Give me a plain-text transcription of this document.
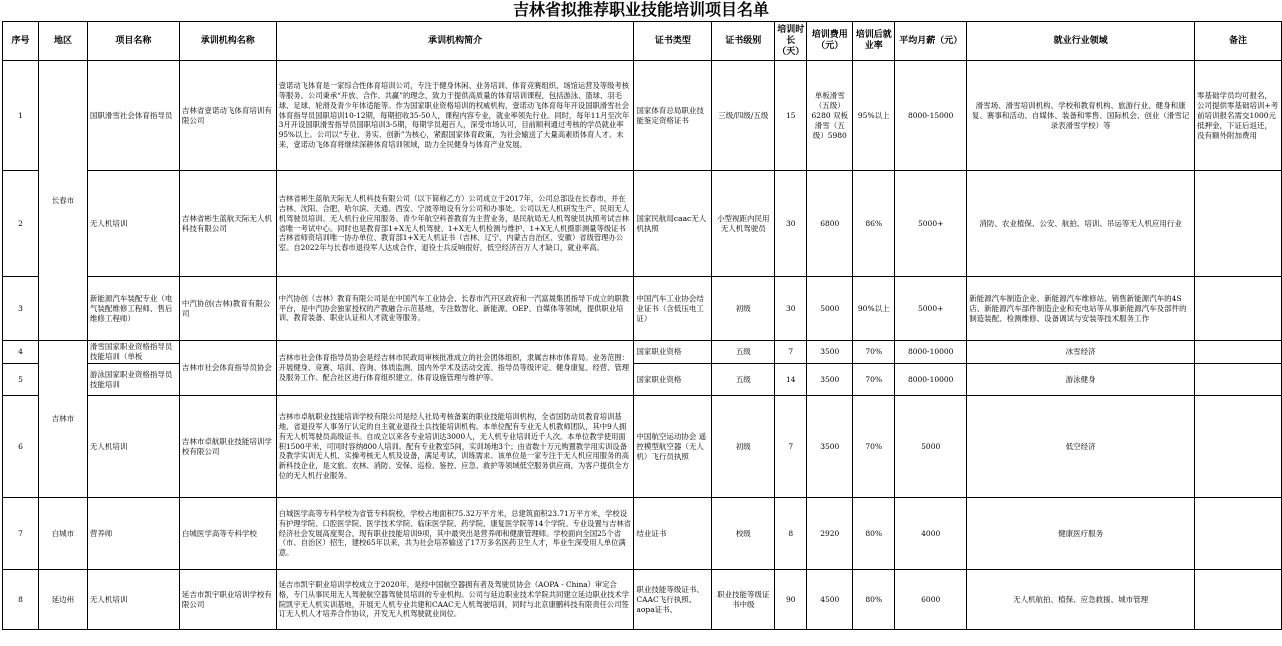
吉林省拟推荐职业技能培训项目名单
序号	地区	项目名称	承训机构名称	承训机构简介	证书类型	证书级别	培训时长（天）	培训费用（元）	培训后就业率	平均月薪（元）	就业行业领域	备注
1	长春市	国职滑雪社会体育指导员	吉林省壹诺动飞体育培训有限公司	壹诺动飞体育是一家综合性体育培训公司，专注于健身休闲、业务培训、体育竞赛组织、场馆运营及等级考核等服务。公司秉承“开放、合作、共赢”的理念，致力于提供高质量的体育培训课程，包括游泳、篮球、羽毛球、足球、轮滑及青少年体适能等。作为国家职业资格培训的权威机构，壹诺动飞体育每年开设国职滑雪社会体育指导员国职培训10-12期，每期招收35-50人，课程内容专业，就业率领先行业。同时，每年11月至次年3月开设国职滑雪指导员国职培训3-5期，每期学员超百人，深受市场认可，目前顺利通过考核的学员就业率95%以上。公司以“专业、务实、创新”为核心，紧跟国家体育政策，为社会输送了大量高素质体育人才。未来，壹诺动飞体育将继续深耕体育培训领域，助力全民健身与体育产业发展。	国家体育总局职业技能鉴定资格证书	三级/四级/五级	15	单板滑雪（五级）6280 双板滑雪（五级）5980	95%以上	8000-15000	滑雪场、滑雪培训机构、学校和教育机构、旅游行业、健身和康复、赛事和活动、自媒体、装备和零售、国际机会、创业（滑雪记录表滑雪学校）等	零基础学员均可报名，公司提供零基础培训+考前培训报名需交1000元抵押金，下证后返还，没有额外附加费用
2		无人机培训	吉林省彬生蓝航天际无人机科技有限公司	吉林省彬生蓝航天际无人机科技有限公司（以下简称乙方）公司成立于2017年，公司总部设在长春市，并在吉林、沈阳、合肥、哈尔滨、天通、西安、宁波等地设有分公司和办事处。公司以无人机研发生产、民用无人机驾驶员培训、无人机行业应用服务、青少年航空科普教育为主营业务，是民航局无人机驾驶员执照考试吉林省唯一考试中心。同时也是教育部1+X无人机驾驶、1+X无人机检测与维护、1+X无人机摄影测量等级证书吉林省师资培训唯一协办单位、教育部1+X无人机证书（吉林、辽宁、内蒙古自治区、安徽）省级管理办公室。自2022年与长春市退役军人达成合作，退役士兵反响很好，低空经济百万人才缺口，就业率高。	国家民航局caac无人机执照	小型视距内民用无人机驾驶员	30	6800	86%	5000+	消防、农业植保、公安、航拍、培训、吊运等无人机应用行业	
3		新能源汽车装配专业（电气装配维修工程师、售后维修工程师）	中汽协创(吉林)教育有限公司	中汽协创（吉林）教育有限公司是在中国汽车工业协会、长春市汽开区政府和一汽富晟集团指导下成立的职教平台，是中汽协会独家授权的产教融合示范基地，专注数智化、新能源、OEP、自媒体等领域，提供职业培训、教育装备、职业认证和人才就业等服务。	中国汽车工业协会结业证书（含低压电工证）	初级	30	5000	90%以上	5000+	新能源汽车制造企业、新能源汽车维修站、销售新能源汽车的4S店、新能源汽车部件制造企业和充电站等从事新能源汽车及部件的制造装配、检测维修、设备调试与安装等技术服务工作	
4	吉林市	滑雪国家职业资格指导员技能培训（单板	吉林市社会体育指导员协会	吉林市社会体育指导员协会是经吉林市民政局审核批准成立的社会团体组织，隶属吉林市体育局。业务范围：开展健身、竞赛、培训、咨询、体质监测、国内外学术及活动交流、指导员等级评定、健身康复、经营、管理及服务工作、配合社区进行体育组织建立、体育设施管理与维护等。	国家职业资格	五级	7	3500	70%	8000-10000	冰雪经济	
5		游泳国家职业资格指导员技能培训			国家职业资格	五级	14	3500	70%	8000-10000	游泳健身	
6		无人机培训	吉林市卓航职业技能培训学校有限公司	吉林市卓航职业技能培训学校有限公司是经人社局考核备案的职业技能培训机构，全省国防动员教育培训基地、省退役军人事务厅认定的自主就业退役士兵技能培训机构。本单位配有专业无人机教师团队，其中9人拥有无人机驾驶员高级证书。自成立以来各专业培训达3000人，无人机专业培训近千人次。本单位教学使用面积1500平米，可同时容纳800人培训。配有专业教室5间，实训场地3个；由省数十万元购置教学用实训设备及教学实训无人机、实操考核无人机及设备，满足考试、训练需求。该单位是一家专注于无人机应用服务的高新科技企业，是文旅、农林、消防、安保、巡检、鉴控、应急、救护等领域低空服务供应商，为客户提供全方位的无人机行业服务。	中国航空运动协会 遥控模型航空器（无人机）飞行员执照	初级	7	3500	70%	5000	低空经济	
7	白城市	营养师	白城医学高等专科学校	白城医学高等专科学校为省管专科院校，学校占地面积75.32万平方米，总建筑面积23.71万平方米，学校设有护理学院、口腔医学院、医学技术学院、临床医学院、药学院、康复医学院等14个学院。专业设置与吉林省经济社会发展高度契合，现有职业技能培训9项，其中最突出是营养师和健康管理师。学校面向全国25个省（市、自治区）招生，建校65年以来，共为社会培养输送了17万多名医药卫生人才，毕业生深受用人单位满意。	结业证书	校级	8	2920	80%	4000	健康医疗服务	
8	延边州	无人机培训	延吉市凯宇职业培训学校有限公司	延吉市凯宇职业培训学校成立于2020年，是经中国航空器拥有者及驾驶员协会（AOPA - China）审定合格，专门从事民用无人驾驶航空器驾驶员培训的专业机构。公司与延边职业技术学院共同建立延边职业技术学院凯宇无人机实训基地，开展无人机专业共建和CAAC无人机驾驶培训，同时与北京康鹏科技有限责任公司签订无人机人才培养合作协议，开发无人机驾驶就业岗位。	职业技能等级证书、CAAC飞行执照、aopa证书、	职业技能等级证书中级	90	4500	80%	6000	无人机航拍、植保、应急救援、城市管理	
